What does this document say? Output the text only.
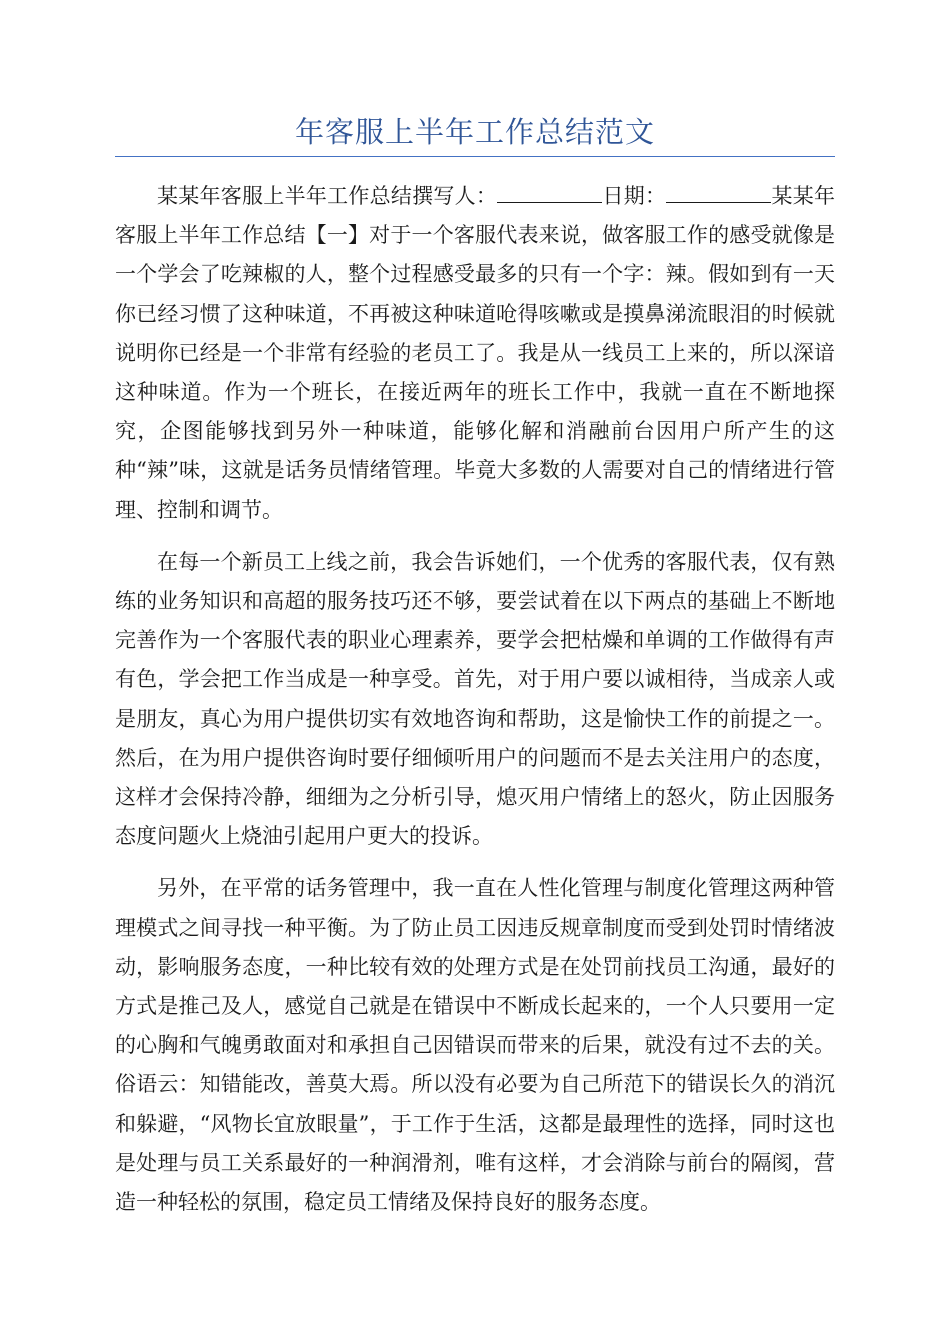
年客服上半年工作总结范文

某某年客服上半年工作总结撰写人：	日期：	某某年客服上半年工作总结【一】对于一个客服代表来说，做客服工作的感受就像是一个学会了吃辣椒的人，整个过程感受最多的只有一个字：辣。假如到有一天你已经习惯了这种味道，不再被这种味道呛得咳嗽或是摸鼻涕流眼泪的时候就说明你已经是一个非常有经验的老员工了。我是从一线员工上来的，所以深谙这种味道。作为一个班长，在接近两年的班长工作中，我就一直在不断地探究，企图能够找到另外一种味道，能够化解和消融前台因用户所产生的这种“辣”味，这就是话务员情绪管理。毕竟大多数的人需要对自己的情绪进行管理、控制和调节。

在每一个新员工上线之前，我会告诉她们，一个优秀的客服代表，仅有熟练的业务知识和高超的服务技巧还不够，要尝试着在以下两点的基础上不断地完善作为一个客服代表的职业心理素养，要学会把枯燥和单调的工作做得有声有色，学会把工作当成是一种享受。首先，对于用户要以诚相待，当成亲人或是朋友，真心为用户提供切实有效地咨询和帮助，这是愉快工作的前提之一。然后，在为用户提供咨询时要仔细倾听用户的问题而不是去关注用户的态度，这样才会保持冷静，细细为之分析引导，熄灭用户情绪上的怒火，防止因服务态度问题火上烧油引起用户更大的投诉。

另外，在平常的话务管理中，我一直在人性化管理与制度化管理这两种管理模式之间寻找一种平衡。为了防止员工因违反规章制度而受到处罚时情绪波动，影响服务态度，一种比较有效的处理方式是在处罚前找员工沟通，最好的方式是推己及人，感觉自己就是在错误中不断成长起来的，一个人只要用一定的心胸和气魄勇敢面对和承担自己因错误而带来的后果，就没有过不去的关。俗语云：知错能改，善莫大焉。所以没有必要为自己所范下的错误长久的消沉和躲避，“风物长宜放眼量”，于工作于生活，这都是最理性的选择，同时这也是处理与员工关系最好的一种润滑剂，唯有这样，才会消除与前台的隔阂，营造一种轻松的氛围，稳定员工情绪及保持良好的服务态度。
